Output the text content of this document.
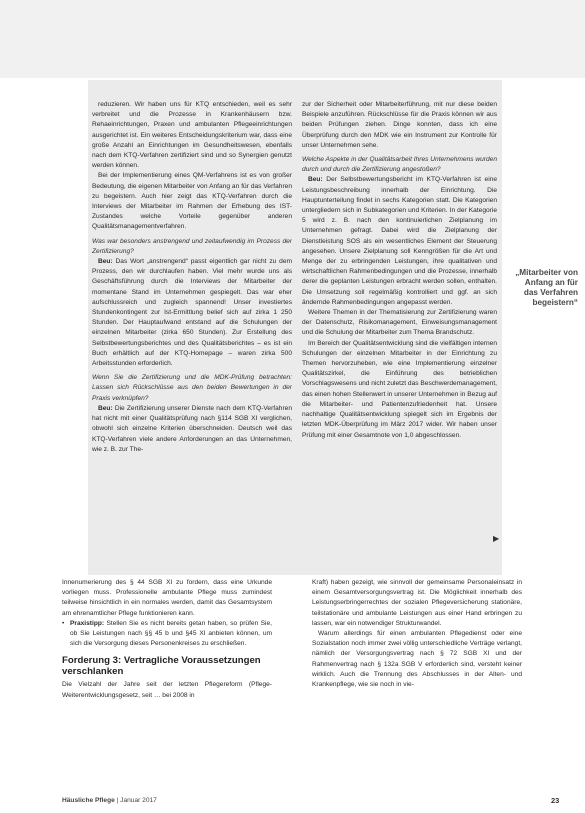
reduzieren. Wir haben uns für KTQ entschieden, weil es sehr verbreitet und die Prozesse in Krankenhäusern bzw. Rehaeinrichtungen, Praxen und ambulanten Pflegeeinrichtungen ausgerichtet ist. Ein weiteres Entscheidungskriterium war, dass eine große Anzahl an Einrichtungen im Gesundheitswesen, ebenfalls nach dem KTQ-Verfahren zertifiziert sind und so Synergien genutzt werden können.

Bei der Implementierung eines QM-Verfahrens ist es von großer Bedeutung, die eigenen Mitarbeiter von Anfang an für das Verfahren zu begeistern. Auch hier zeigt das KTQ-Verfahren durch die Interviews der Mitarbeiter im Rahmen der Erhebung des IST-Zustandes welche Vorteile gegenüber anderen Qualitätsmanagementverfahren.

Was war besonders anstrengend und zeitaufwendig im Prozess der Zertifizierung?

Beu: Das Wort „anstrengend“ passt eigentlich gar nicht zu dem Prozess, den wir durchlaufen haben. Viel mehr wurde uns als Geschäftsführung durch die Interviews der Mitarbeiter der momentane Stand im Unternehmen gespiegelt. Das war eher aufschlussreich und zugleich spannend! Unser investiertes Stundenkontingent zur Ist-Ermittlung belief sich auf zirka 1 250 Stunden. Der Hauptaufwand entstand auf die Schulungen der einzelnen Mitarbeiter (zirka 650 Stunden). Zur Erstellung des Selbstbewertungsberichtes und des Qualitätsberichtes – es ist ein Buch erhältlich auf der KTQ-Homepage – waren zirka 500 Arbeitsstunden erforderlich.

Wenn Sie die Zertifizierung und die MDK-Prüfung betrachten: Lassen sich Rückschlüsse aus den beiden Bewertungen in der Praxis verknüpfen?

Beu: Die Zertifizierung unserer Dienste nach dem KTQ-Verfahren hat nicht mit einer Qualitätsprüfung nach §114 SGB XI verglichen, obwohl sich einzelne Kriterien überschneiden. Deutsch weil das KTQ-Verfahren viele andere Anforderungen an das Unternehmen, wie z. B. zur The-

zur der Sicherheit oder Mitarbeiterführung, mit nur diese beiden Beispiele anzuführen. Rückschlüsse für die Praxis können wir aus beiden Prüfungen ziehen. Dinge konnten, dass ich eine Überprüfung durch den MDK wie ein Instrument zur Kontrolle für unser Unternehmen sehe.

Welche Aspekte in der Qualitätsarbeit Ihres Unternehmens wurden durch und durch die Zertifizierung angestoßen?

Beu: Der Selbstbewertungsbericht im KTQ-Verfahren ist eine Leistungsbeschreibung innerhalb der Einrichtung. Die Hauptunterteilung findet in sechs Kategorien statt. Die Kategorien untergliedern sich in Subkategorien und Kriterien. In der Kategorie 5 wird z. B. nach den kontinuierlichen Zielplanung im Unternehmen gefragt. Dabei wird die Zielplanung der Dienstleistung SOS als ein wesentliches Element der Steuerung angesehen. Unsere Zielplanung soll Kenngrößen für die Art und Menge der zu erbringenden Leistungen, ihre qualitativen und wirtschaftlichen Rahmenbedingungen und die Prozesse, innerhalb derer die geplanten Leistungen erbracht werden sollen, enthalten. Die Umsetzung soll regelmäßig kontrolliert und ggf. an sich ändernde Rahmenbedingungen angepasst werden.

Weitere Themen in der Thematisierung zur Zertifizierung waren der Datenschutz, Risikomanagement, Einweisungsmanagement und die Schulung der Mitarbeiter zum Thema Brandschutz.

Im Bereich der Qualitätsentwicklung sind die vielfältigen internen Schulungen der einzelnen Mitarbeiter in der Einrichtung zu Themen hervorzuheben, wie eine Implementierung einzelner Qualitätszirkel, die Einführung des betrieblichen Vorschlagswesens und nicht zuletzt das Beschwerdemanagement, das einen hohen Stellenwert in unserer Unternehmen in Bezug auf die Mitarbeiter- und Patientenzufriedenheit hat. Unsere nachhaltige Qualitätsentwicklung spiegelt sich im Ergebnis der letzten MDK-Überprüfung im März 2017 wider. Wir haben unser Prüfung mit einer Gesamtnote von 1,0 abgeschlossen.

„Mitarbeiter von Anfang an für das Verfahren begeistern“
▶

Innenumerierung des § 44 SGB XI zu fordern, dass eine Urkunde vorliegen muss. Professionelle ambulante Pflege muss zumindest teilweise hinsichtlich in ein normales werden, damit das Gesamtsystem am ehrenamtlicher Pflege funktionieren kann.

• Praxistipp: Stellen Sie es nicht bereits getan haben, so prüfen Sie, ob Sie Leistungen nach §§ 45 b und §45 XI anbieten können, um sich die Versorgung dieses Personenkreises zu erschließen.

Forderung 3: Vertragliche Voraussetzungen verschlanken

Die Vielzahl der Jahre seit der letzten Pflegereform (Pflege-Weiterentwicklungsgesetz, seit … bei 2008 in

Kraft) haben gezeigt, wie sinnvoll der gemeinsame Personaleinsatz in einem Gesamtversorgungsvertrag ist. Die Möglichkeit innerhalb des Leistungserbringerrechtes der sozialen Pflegeversicherung stationäre, teilstationäre und ambulante Leistungen aus einer Hand erbringen zu lassen, war ein notwendiger Strukturwandel.

Warum allerdings für einen ambulanten Pflegedienst oder eine Sozialstation noch immer zwei völlig unterschiedliche Verträge verlangt, nämlich der Versorgungsvertrag nach § 72 SGB XI und der Rahmenvertrag nach § 132a SGB V erforderlich sind, versteht keiner wirklich. Auch die Trennung des Abschlusses in der Alten- und Krankenpflege, wie sie noch in vie-

Häusliche Pflege | Januar 2017	23
